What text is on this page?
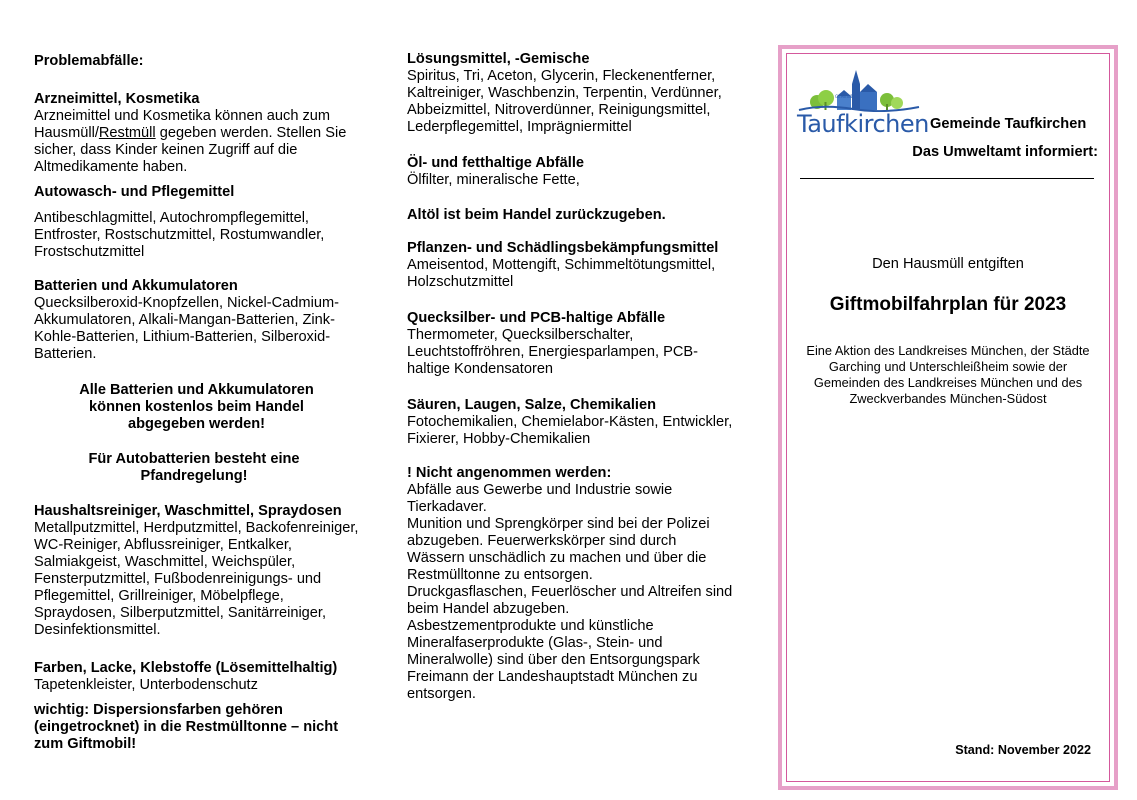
Problemabfälle:
Arzneimittel, Kosmetika
Arzneimittel und Kosmetika können auch zum Hausmüll/Restmüll gegeben werden. Stellen Sie sicher, dass Kinder keinen Zugriff auf die Altmedikamente haben.
Autowasch- und Pflegemittel
Antibeschlagmittel, Autochrompflegemittel, Entfroster, Rostschutzmittel, Rostumwandler, Frostschutzmittel
Batterien und Akkumulatoren
Quecksilberoxid-Knopfzellen, Nickel-Cadmium-Akkumulatoren, Alkali-Mangan-Batterien, Zink-Kohle-Batterien, Lithium-Batterien, Silberoxid-Batterien.
Alle Batterien und Akkumulatoren können kostenlos beim Handel abgegeben werden!
Für Autobatterien besteht eine Pfandregelung!
Haushaltsreiniger, Waschmittel, Spraydosen
Metallputzmittel, Herdputzmittel, Backofenreiniger, WC-Reiniger, Abflussreiniger, Entkalker, Salmiakgeist, Waschmittel, Weichspüler, Fensterputzmittel, Fußbodenreinigungs- und Pflegemittel, Grillreiniger, Möbelpflege, Spraydosen, Silberputzmittel, Sanitärreiniger, Desinfektionsmittel.
Farben, Lacke, Klebstoffe (Lösemittelhaltig)
Tapetenkleister, Unterbodenschutz
wichtig: Dispersionsfarben gehören (eingetrocknet) in die Restmülltonne – nicht zum Giftmobil!
Lösungsmittel, -Gemische
Spiritus, Tri, Aceton, Glycerin, Fleckenentferner, Kaltreiniger, Waschbenzin, Terpentin, Verdünner, Abbeizmittel, Nitroverdünner, Reinigungsmittel, Lederpflegemittel, Imprägniermittel
Öl- und fetthaltige Abfälle
Ölfilter, mineralische Fette,
Altöl ist beim Handel zurückzugeben.
Pflanzen- und Schädlingsbekämpfungsmittel
Ameisentod, Mottengift, Schimmeltötungsmittel, Holzschutzmittel
Quecksilber- und PCB-haltige Abfälle
Thermometer, Quecksilberschalter, Leuchtstoffröhren, Energiesparlampen, PCB-haltige Kondensatoren
Säuren, Laugen, Salze, Chemikalien
Fotochemikalien, Chemielabor-Kästen, Entwickler, Fixierer, Hobby-Chemikalien
! Nicht angenommen werden:
Abfälle aus Gewerbe und Industrie sowie Tierkadaver.
Munition und Sprengkörper sind bei der Polizei abzugeben. Feuerwerkskörper sind durch Wässern unschädlich zu machen und über die Restmülltonne zu entsorgen.
Druckgasflaschen, Feuerlöscher und Altreifen sind beim Handel abzugeben.
Asbestzementprodukte und künstliche Mineralfaserprodukte (Glas-, Stein- und Mineralwolle) sind über den Entsorgungspark Freimann der Landeshauptstadt München zu entsorgen.
GEMEINDE
Taufkirchen Gemeinde Taufkirchen
Das Umweltamt informiert:
Den Hausmüll entgiften
Giftmobilfahrplan für 2023
Eine Aktion des Landkreises München, der Städte Garching und Unterschleißheim sowie der Gemeinden des Landkreises München und des Zweckverbandes München-Südost
Stand: November 2022
